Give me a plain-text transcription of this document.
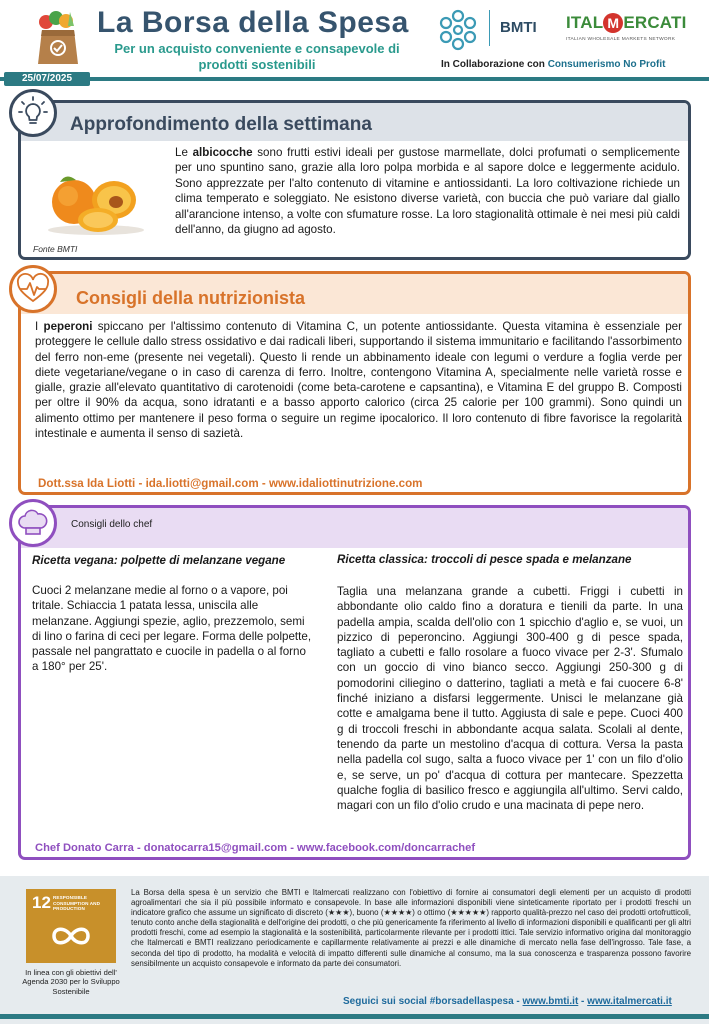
La Borsa della Spesa
Per un acquisto conveniente e consapevole di prodotti sostenibili
BMTI ITAL M ERCATI
ITALIAN WHOLESALE MARKETS NETWORK
In Collaborazione con Consumerismo No Profit
25/07/2025
Approfondimento della settimana
Fonte BMTI
Le albicocche sono frutti estivi ideali per gustose marmellate, dolci profumati o semplicemente per uno spuntino sano, grazie alla loro polpa morbida e al sapore dolce e leggermente acidulo. Sono apprezzate per l'alto contenuto di vitamine e antiossidanti. La loro coltivazione richiede un clima temperato e soleggiato. Ne esistono diverse varietà, con buccia che può variare dal giallo all'arancione intenso, a volte con sfumature rosse. La loro stagionalità ottimale è nei mesi più caldi dell'anno, da giugno ad agosto.
Consigli della nutrizionista
I peperoni spiccano per l'altissimo contenuto di Vitamina C, un potente antiossidante. Questa vitamina è essenziale per proteggere le cellule dallo stress ossidativo e dai radicali liberi, supportando il sistema immunitario e facilitando l'assorbimento del ferro non-eme (presente nei vegetali). Questo li rende un abbinamento ideale con legumi o verdure a foglia verde per diete vegetariane/vegane o in caso di carenza di ferro. Inoltre, contengono Vitamina A, specialmente nelle varietà rosse e gialle, grazie all'elevato quantitativo di carotenoidi (come beta-carotene e capsantina), e Vitamina E del gruppo B. Composti per oltre il 90% da acqua, sono idratanti e a basso apporto calorico (circa 25 calorie per 100 grammi). Sono quindi un alimento ottimo per mantenere il peso forma o seguire un regime ipocalorico. Il loro contenuto di fibre favorisce la regolarità intestinale e aumenta il senso di sazietà.
Dott.ssa Ida Liotti - ida.liotti@gmail.com - www.idaliottinutrizione.com
Consigli dello chef
Ricetta vegana: polpette di melanzane vegane
Cuoci 2 melanzane medie al forno o a vapore, poi tritale. Schiaccia 1 patata lessa, uniscila alle melanzane. Aggiungi spezie, aglio, prezzemolo, semi di lino o farina di ceci per legare. Forma delle polpette, passale nel pangrattato e cuocile in padella o al forno a 180° per 25'.
Ricetta classica: troccoli di pesce spada e melanzane
Taglia una melanzana grande a cubetti. Friggi i cubetti in abbondante olio caldo fino a doratura e tienili da parte. In una padella ampia, scalda dell'olio con 1 spicchio d'aglio e, se vuoi, un pizzico di peperoncino. Aggiungi 300-400 g di pesce spada, tagliato a cubetti e fallo rosolare a fuoco vivace per 2-3'. Sfumalo con un goccio di vino bianco secco. Aggiungi 250-300 g di pomodorini ciliegino o datterino, tagliati a metà e fai cuocere 6-8' finché iniziano a disfarsi leggermente. Unisci le melanzane già cotte e amalgama bene il tutto. Aggiusta di sale e pepe. Cuoci 400 g di troccoli freschi in abbondante acqua salata. Scolali al dente, tenendo da parte un mestolino d'acqua di cottura. Versa la pasta nella padella col sugo, salta a fuoco vivace per 1' con un filo d'olio e, se serve, un po' d'acqua di cottura per mantecare. Spezzetta qualche foglia di basilico fresco e aggiungila all'ultimo. Servi caldo, magari con un filo d'olio crudo e una macinata di pepe nero.
Chef Donato Carra - donatocarra15@gmail.com - www.facebook.com/doncarrachef
12 RESPONSIBLE CONSUMPTION AND PRODUCTION
In linea con gli obiettivi dell' Agenda 2030 per lo Sviluppo Sostenibile
La Borsa della spesa è un servizio che BMTI e Italmercati realizzano con l'obiettivo di fornire ai consumatori degli elementi per un acquisto di prodotti agroalimentari che sia il più possibile informato e consapevole. In base alle informazioni disponibili viene sinteticamente riportato per i prodotti freschi un indicatore grafico che assume un significato di discreto (★★★), buono (★★★★) o ottimo (★★★★★) rapporto qualità-prezzo nel caso dei prodotti ortofrutticoli, tenuto conto anche della stagionalità e dell'origine dei prodotti, o che più genericamente fa riferimento al livello di informazioni disponibili e qualificanti per gli altri prodotti freschi, come ad esempio la stagionalità e la sostenibilità, particolarmente rilevante per i prodotti ittici. Tale servizio informativo origina dal monitoraggio che Italmercati e BMTI realizzano periodicamente e capillarmente relativamente ai prezzi e alle dinamiche di mercato nella fase dell'ingrosso. Tale fase, a seconda del tipo di prodotto, ha modalità e velocità di impatto differenti sulle dinamiche al consumo, ma la sua conoscenza e trasparenza possono favorire sensibilmente un acquisto consapevole e informato da parte dei consumatori.
Seguici sui social #borsadellaspesa - www.bmti.it - www.italmercati.it
